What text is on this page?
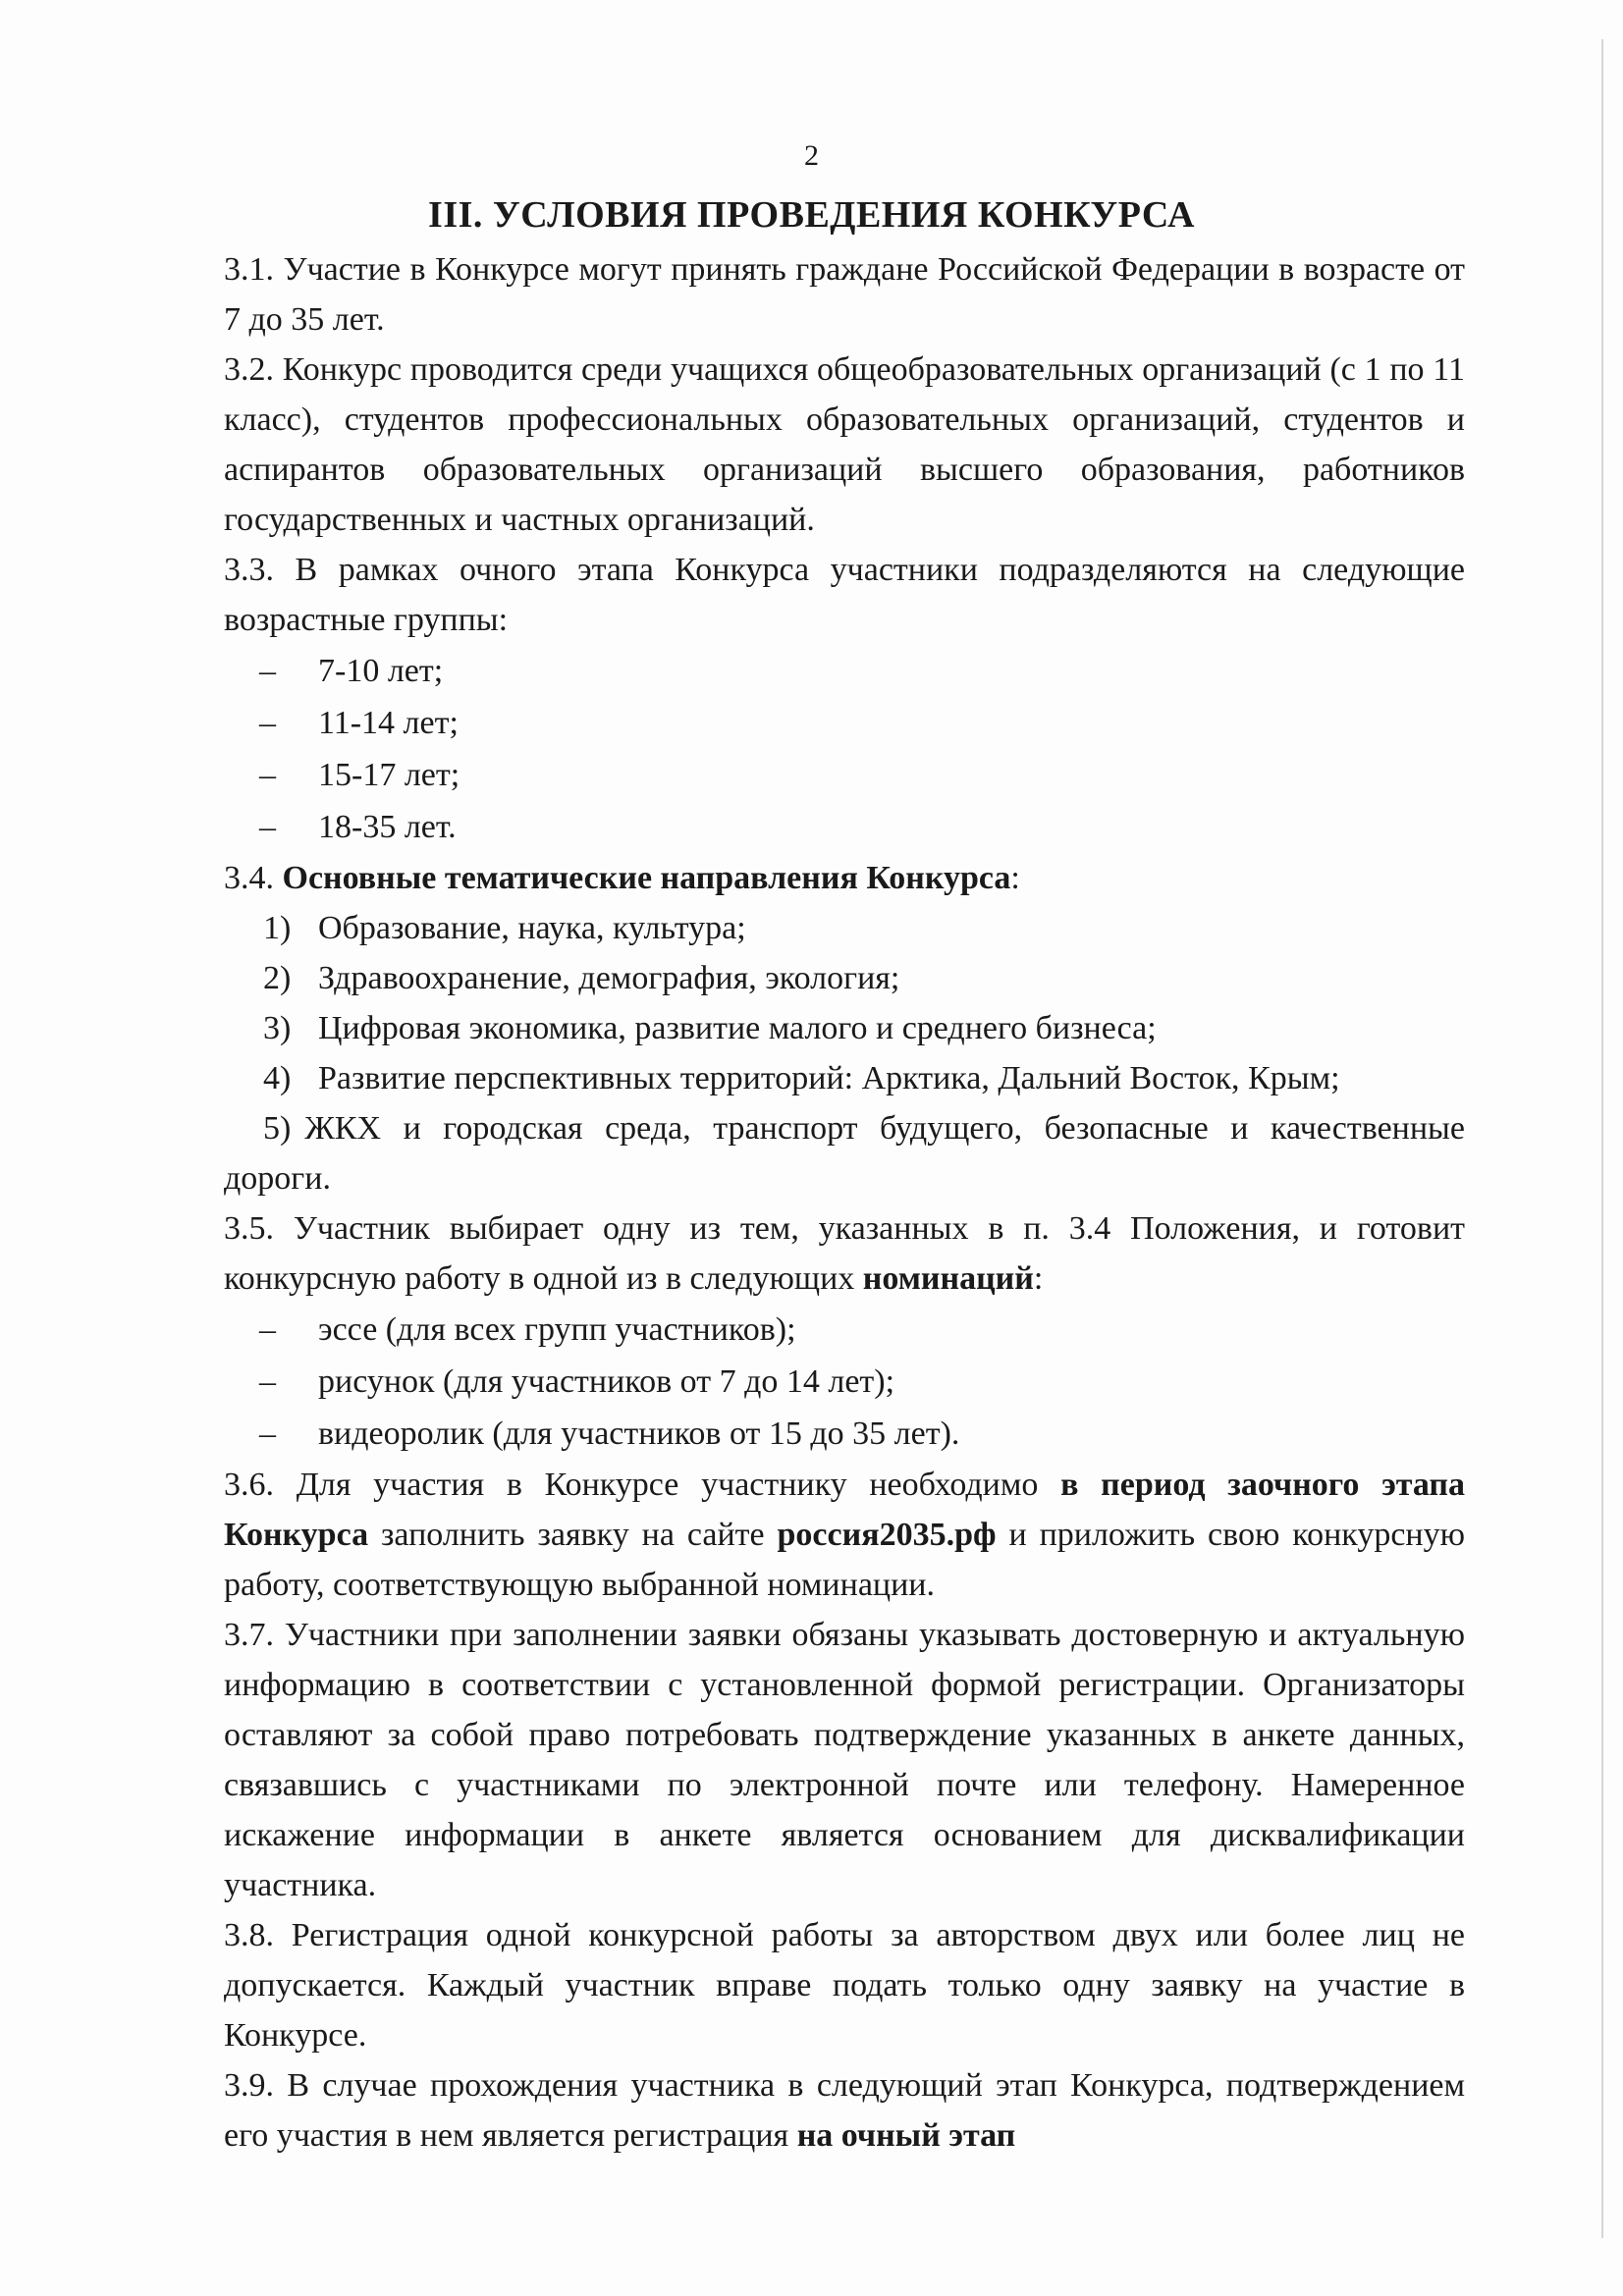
2
III. УСЛОВИЯ ПРОВЕДЕНИЯ КОНКУРСА

3.1. Участие в Конкурсе могут принять граждане Российской Федерации в возрасте от 7 до 35 лет.

3.2. Конкурс проводится среди учащихся общеобразовательных организаций (с 1 по 11 класс), студентов профессиональных образовательных организаций, студентов и аспирантов образовательных организаций высшего образования, работников государственных и частных организаций.

3.3. В рамках очного этапа Конкурса участники подразделяются на следующие возрастные группы:

– 7-10 лет;
– 11-14 лет;
– 15-17 лет;
– 18-35 лет.

3.4. Основные тематические направления Конкурса:

1) Образование, наука, культура;
2) Здравоохранение, демография, экология;
3) Цифровая экономика, развитие малого и среднего бизнеса;
4) Развитие перспективных территорий: Арктика, Дальний Восток, Крым;
5) ЖКХ и городская среда, транспорт будущего, безопасные и качественные дороги.

3.5. Участник выбирает одну из тем, указанных в п. 3.4 Положения, и готовит конкурсную работу в одной из в следующих номинаций:

– эссе (для всех групп участников);
– рисунок (для участников от 7 до 14 лет);
– видеоролик (для участников от 15 до 35 лет).

3.6. Для участия в Конкурсе участнику необходимо в период заочного этапа Конкурса заполнить заявку на сайте россия2035.рф и приложить свою конкурсную работу, соответствующую выбранной номинации.

3.7. Участники при заполнении заявки обязаны указывать достоверную и актуальную информацию в соответствии с установленной формой регистрации. Организаторы оставляют за собой право потребовать подтверждение указанных в анкете данных, связавшись с участниками по электронной почте или телефону. Намеренное искажение информации в анкете является основанием для дисквалификации участника.

3.8. Регистрация одной конкурсной работы за авторством двух или более лиц не допускается. Каждый участник вправе подать только одну заявку на участие в Конкурсе.

3.9. В случае прохождения участника в следующий этап Конкурса, подтверждением его участия в нем является регистрация на очный этап
